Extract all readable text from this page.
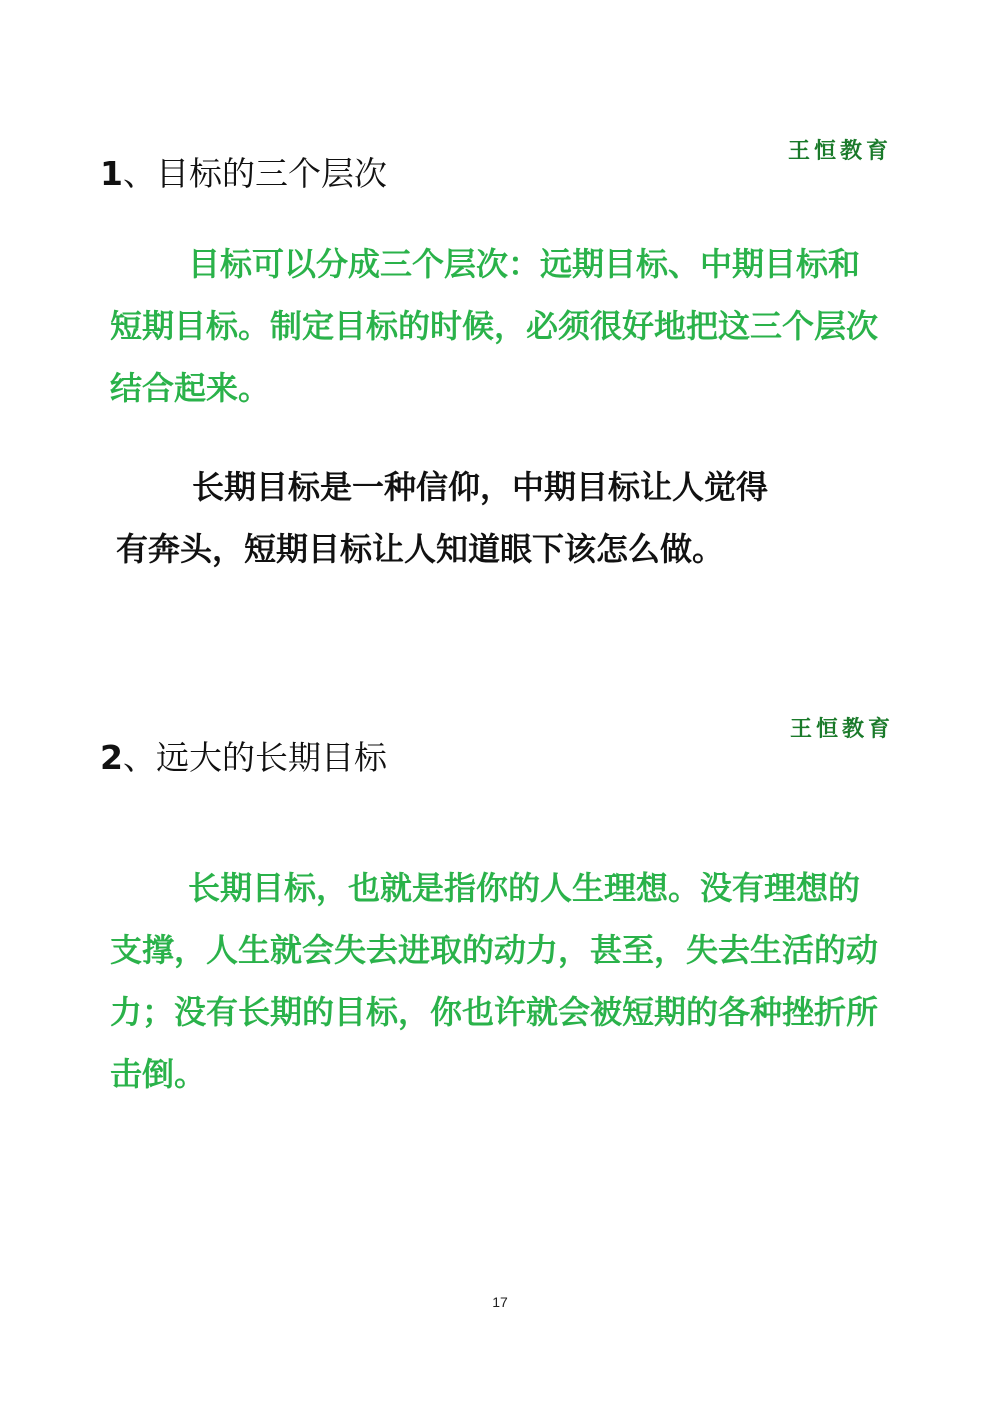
王恒教育
1、目标的三个层次

目标可以分成三个层次：远期目标、中期目标和短期目标。制定目标的时候，必须很好地把这三个层次结合起来。

长期目标是一种信仰，中期目标让人觉得
有奔头，短期目标让人知道眼下该怎么做。

王恒教育
2、远大的长期目标

长期目标，也就是指你的人生理想。没有理想的支撑，人生就会失去进取的动力，甚至，失去生活的动力；没有长期的目标，你也许就会被短期的各种挫折所击倒。

17
